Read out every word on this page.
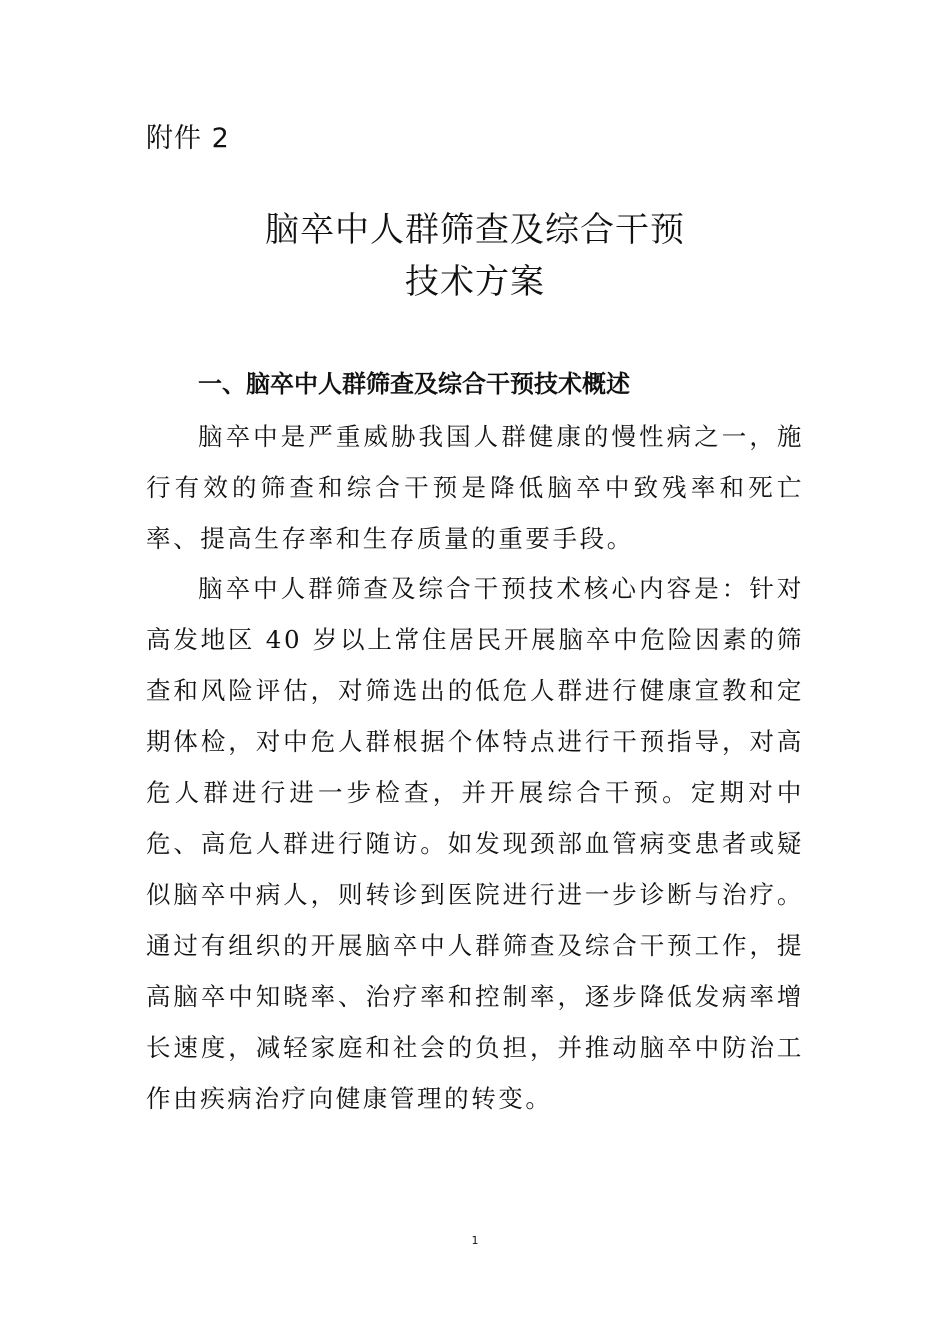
附件 2
脑卒中人群筛查及综合干预
技术方案
一、脑卒中人群筛查及综合干预技术概述

脑卒中是严重威胁我国人群健康的慢性病之一，施行有效的筛查和综合干预是降低脑卒中致残率和死亡率、提高生存率和生存质量的重要手段。

脑卒中人群筛查及综合干预技术核心内容是：针对高发地区 40 岁以上常住居民开展脑卒中危险因素的筛查和风险评估，对筛选出的低危人群进行健康宣教和定期体检，对中危人群根据个体特点进行干预指导，对高危人群进行进一步检查，并开展综合干预。定期对中危、高危人群进行随访。如发现颈部血管病变患者或疑似脑卒中病人，则转诊到医院进行进一步诊断与治疗。通过有组织的开展脑卒中人群筛查及综合干预工作，提高脑卒中知晓率、治疗率和控制率，逐步降低发病率增长速度，减轻家庭和社会的负担，并推动脑卒中防治工作由疾病治疗向健康管理的转变。

1
